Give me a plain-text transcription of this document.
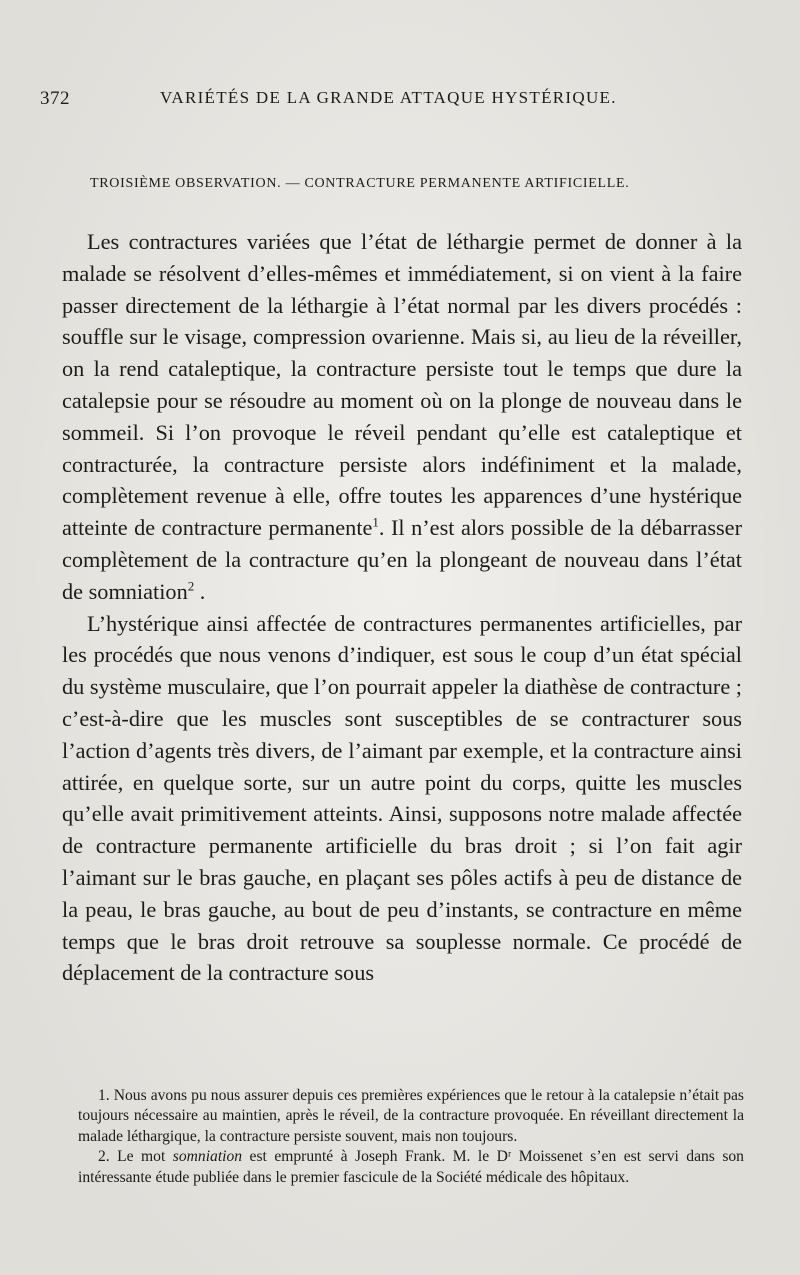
372	VARIÉTÉS DE LA GRANDE ATTAQUE HYSTÉRIQUE.
TROISIÈME OBSERVATION. — CONTRACTURE PERMANENTE ARTIFICIELLE.

Les contractures variées que l’état de léthargie permet de donner à la malade se résolvent d’elles-mêmes et immédiatement, si on vient à la faire passer directement de la léthargie à l’état normal par les divers procédés : souffle sur le visage, compression ovarienne. Mais si, au lieu de la réveiller, on la rend cataleptique, la contracture persiste tout le temps que dure la catalepsie pour se résoudre au moment où on la plonge de nouveau dans le sommeil. Si l’on provoque le réveil pendant qu’elle est cataleptique et contracturée, la contracture persiste alors indéfiniment et la malade, complètement revenue à elle, offre toutes les apparences d’une hystérique atteinte de contracture permanente$^1$. Il n’est alors possible de la débarrasser complètement de la contracture qu’en la plongeant de nouveau dans l’état de somniation$^2$ .

L’hystérique ainsi affectée de contractures permanentes artificielles, par les procédés que nous venons d’indiquer, est sous le coup d’un état spécial du système musculaire, que l’on pourrait appeler la diathèse de contracture ; c’est-à-dire que les muscles sont susceptibles de se contracturer sous l’action d’agents très divers, de l’aimant par exemple, et la contracture ainsi attirée, en quelque sorte, sur un autre point du corps, quitte les muscles qu’elle avait primitivement atteints. Ainsi, supposons notre malade affectée de contracture permanente artificielle du bras droit ; si l’on fait agir l’aimant sur le bras gauche, en plaçant ses pôles actifs à peu de distance de la peau, le bras gauche, au bout de peu d’instants, se contracture en même temps que le bras droit retrouve sa souplesse normale. Ce procédé de déplacement de la contracture sous

1. Nous avons pu nous assurer depuis ces premières expériences que le retour à la catalepsie n’était pas toujours nécessaire au maintien, après le réveil, de la contracture provoquée. En réveillant directement la malade léthargique, la contracture persiste souvent, mais non toujours.

2. Le mot somniation est emprunté à Joseph Frank. M. le Dʳ Moissenet s’en est servi dans son intéressante étude publiée dans le premier fascicule de la Société médicale des hôpitaux.
